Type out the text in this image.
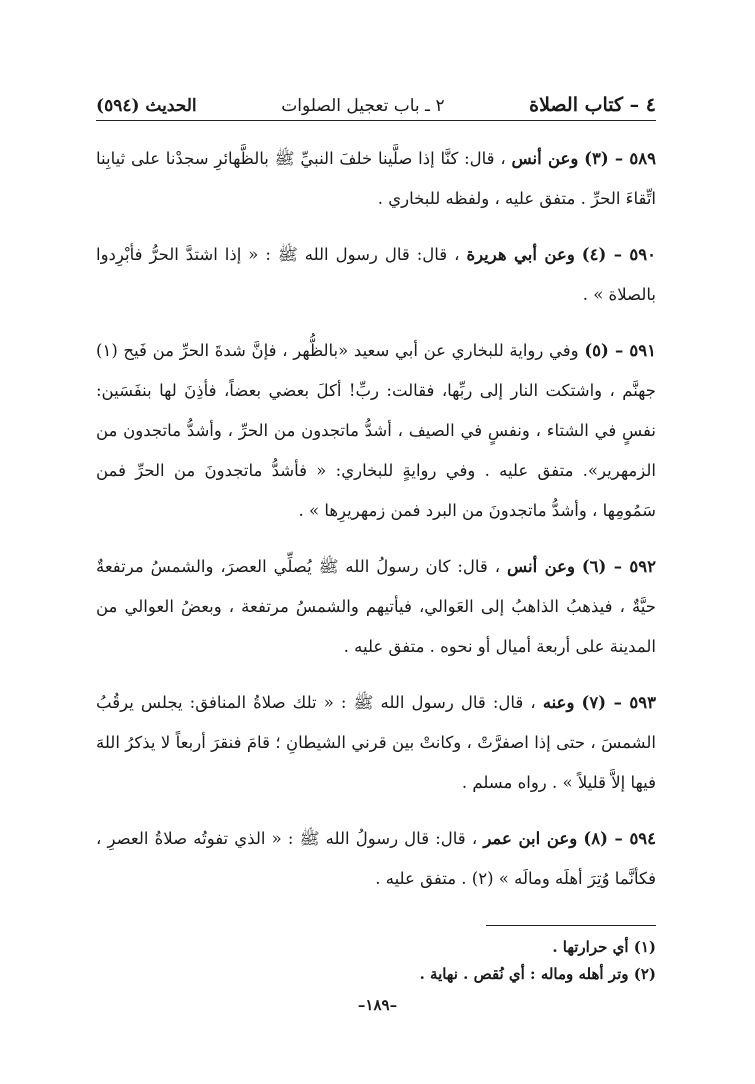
٤ – كتاب الصلاة
٢ ـ باب تعجيل الصلوات
الحديث (٥٩٤)

٥٨٩ – (٣) وعن أنس ، قال: كنَّا إذا صلَّينا خلفَ النبيِّ ﷺ بالظَّهائرِ سجدْنا على ثيابِنا اتِّقاءَ الحرِّ . متفق عليه ، ولفظه للبخاري .

٥٩٠ – (٤) وعن أبي هريرة ، قال: قال رسول الله ﷺ : « إذا اشتدَّ الحرُّ فأبْرِدوا بالصلاة » .

٥٩١ – (٥) وفي رواية للبخاري عن أبي سعيد «بالظُّهر ، فإنَّ شدةَ الحرِّ من فَيح (١) جهنَّم ، واشتكت النار إلى ربِّها، فقالت: ربِّ! أكلَ بعضي بعضاً، فأذِنَ لها بنفَسَين: نفسٍ في الشتاء ، ونفسٍ في الصيف ، أشدُّ ماتجدون من الحرِّ ، وأشدُّ ماتجدون من الزمهرير». متفق عليه . وفي روايةٍ للبخاري: « فأشدُّ ماتجدونَ من الحرِّ فمن سَمُومِها ، وأشدُّ ماتجدونَ من البرد فمن زمهريرِها » .

٥٩٢ – (٦) وعن أنس ، قال: كان رسولُ الله ﷺ يُصلِّي العصرَ، والشمسُ مرتفعةٌ حيَّةٌ ، فيذهبُ الذاهبُ إلى العَوالي، فيأتيهم والشمسُ مرتفعة ، وبعضُ العوالي من المدينة على أربعة أميال أو نحوه . متفق عليه .

٥٩٣ – (٧) وعنه ، قال: قال رسول الله ﷺ : « تلك صلاةُ المنافق: يجلس يرقُبُ الشمسَ ، حتى إذا اصفرَّتْ ، وكانتْ بين قرني الشيطانِ ؛ قامَ فنقرَ أربعاً لا يذكرُ اللهَ فيها إلاَّ قليلاً » . رواه مسلم .

٥٩٤ – (٨) وعن ابن عمر ، قال: قال رسولُ الله ﷺ : « الذي تفوتُه صلاةُ العصرِ ، فكأنَّما وُتِرَ أهلَه ومالَه » (٢) . متفق عليه .

(١) أي حرارتها .

(٢) وتر أهله وماله : أي نُقص . نهاية .

–١٨٩–
